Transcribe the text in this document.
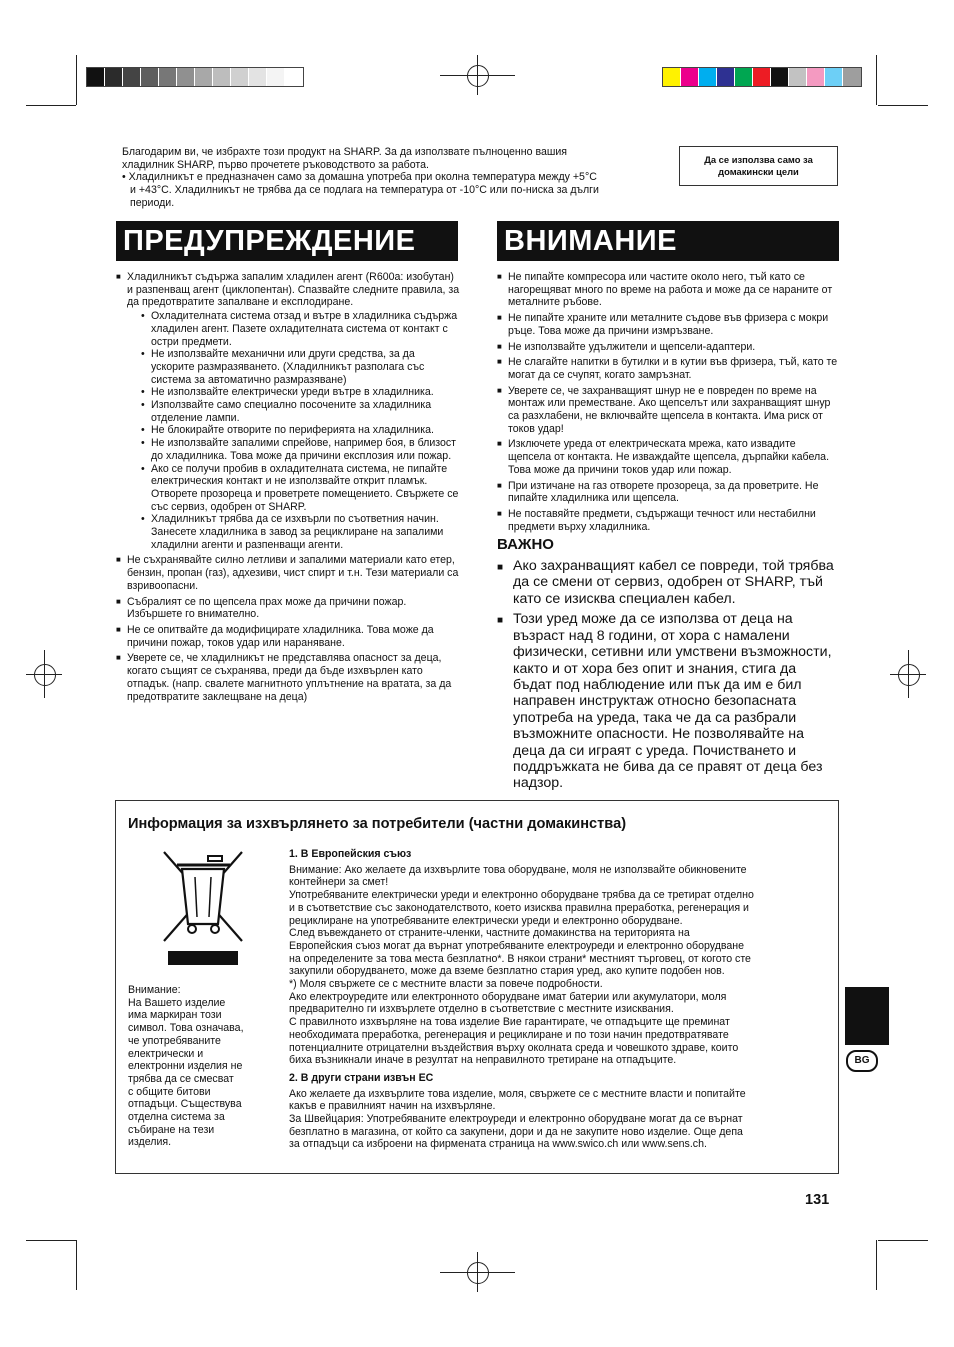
Благодарим ви, че избрахте този продукт на SHARP. За да използвате пълноценно вашия

хладилник SHARP, първо прочетете ръководството за работа.

• Хладилникът е предназначен само за домашна употреба при околна температура между +5°C

и +43°C. Хладилникът не трябва да се подлага на температура от -10°C или по-ниска за дълги

периоди.

Да се използва само за
домакински цели
ПРЕДУПРЕЖДЕНИЕ	ВНИМАНИЕ
■ Хладилникът съдържа запалим хладилен агент (R600a: изобутан) и разпенващ агент (циклопентан). Спазвайте следните правила, за да предотвратите запалване и експлодиране.
• Охладителната система отзад и вътре в хладилника съдържа хладилен агент. Пазете охладителната система от контакт с остри предмети.
• Не използвайте механични или други средства, за да ускорите размразяването. (Хладилникът разполага със система за автоматично размразяване)
• Не използвайте електрически уреди вътре в хладилника.
• Използвайте само специално посочените за хладилника отделение лампи.
• Не блокирайте отворите по периферията на хладилника.
• Не използвайте запалими спрейове, например боя, в близост до хладилника. Това може да причини експлозия или пожар.
• Ако се получи пробив в охладителната система, не пипайте електрическия контакт и не използвайте открит пламък. Отворете прозореца и проветрете помещението. Свържете се със сервиз, одобрен от SHARP.
• Хладилникът трябва да се изхвърли по съответния начин. Занесете хладилника в завод за рециклиране на запалими хладилни агенти и разпенващи агенти.
■ Не съхранявайте силно летливи и запалими материали като етер, бензин, пропан (газ), адхезиви, чист спирт и т.н. Тези материали са взривоопасни.
■ Събралият се по щепсела прах може да причини пожар. Избършете го внимателно.
■ Не се опитвайте да модифицирате хладилника. Това може да причини пожар, токов удар или нараняване.
■ Уверете се, че хладилникът не представлява опасност за деца, когато същият се съхранява, преди да бъде изхвърлен като отпадък. (напр. свалете магнитното уплътнение на вратата, за да предотвратите заклещване на деца)
■ Не пипайте компресора или частите около него, тъй като се нагорещяват много по време на работа и може да се нараните от металните ръбове.
■ Не пипайте храните или металните съдове във фризера с мокри ръце. Това може да причини измръзване.
■ Не използвайте удължители и щепсели-адаптери.
■ Не слагайте напитки в бутилки и в кутии във фризера, тъй, като те могат да се счупят, когато замръзнат.
■ Уверете се, че захранващият шнур не е повреден по време на монтаж или преместване. Ако щепселът или захранващият шнур са разхлабени, не включвайте щепсела в контакта. Има риск от токов удар!
■ Изключете уреда от електрическата мрежа, като извадите щепсела от контакта. Не изваждайте щепсела, дърпайки кабела. Това може да причини токов удар или пожар.
■ При изтичане на газ отворете прозореца, за да проветрите. Не пипайте хладилника или щепсела.
■ Не поставяйте предмети, съдържащи течност или нестабилни предмети върху хладилника.
ВАЖНО
■ Ако захранващият кабел се повреди, той трябва да се смени от сервиз, одобрен от SHARP, тъй като се изисква специален кабел.
■ Този уред може да се използва от деца на възраст над 8 години, от хора с намалени физически, сетивни или умствени възможности, както и от хора без опит и знания, стига да бъдат под наблюдение или пък да им е бил направен инструктаж относно безопасната употреба на уреда, така че да са разбрали възможните опасности. Не позволявайте на деца да си играят с уреда. Почистването и поддръжката не бива да се правят от деца без надзор.
Информация за изхвърлянето за потребители (частни домакинства)
Внимание:
На Вашето изделие
има маркиран този
символ. Това означава,
че употребяваните
електрически и
електронни изделия не
трябва да се смесват
с общите битови
отпадъци. Съществува
отделна система за
събиране на тези
изделия.

1. В Европейския съюз

Внимание: Ако желаете да изхвърлите това оборудване, моля не използвайте обикновените
контейнери за смет!
Употребяваните електрически уреди и електронно оборудване трябва да се третират отделно
и в съответствие със законодателството, което изисква правилна преработка, регенерация и
рециклиране на употребяваните електрически уреди и електронно оборудване.
След въвеждането от страните-членки, частните домакинства на територията на
Европейския съюз могат да върнат употребяваните електроуреди и електронно оборудване
на определените за това места безплатно*. В някои страни* местният търговец, от когото сте
закупили оборудването, може да вземе безплатно стария уред, ако купите подобен нов.
*) Моля свържете се с местните власти за повече подробности.
Ако електроуредите или електронното оборудване имат батерии или акумулатори, моля
предварително ги изхвърлете отделно в съответствие с местните изисквания.
С правилното изхвърляне на това изделие Вие гарантирате, че отпадъците ще преминат
необходимата преработка, регенерация и рециклиране и по този начин предотвратявате
потенциалните отрицателни въздействия върху околната среда и човешкото здраве, които
биха възникнали иначе в резултат на неправилното третиране на отпадъците.

2. В други страни извън ЕС

Ако желаете да изхвърлите това изделие, моля, свържете се с местните власти и попитайте
какъв е правилният начин на изхвърляне.
За Швейцария: Употребяваните електроуреди и електронно оборудване могат да се върнат
безплатно в магазина, от който са закупени, дори и да не закупите ново изделие. Още депа
за отпадъци са изброени на фирмената страница на www.swico.ch или www.sens.ch.
BG
131
